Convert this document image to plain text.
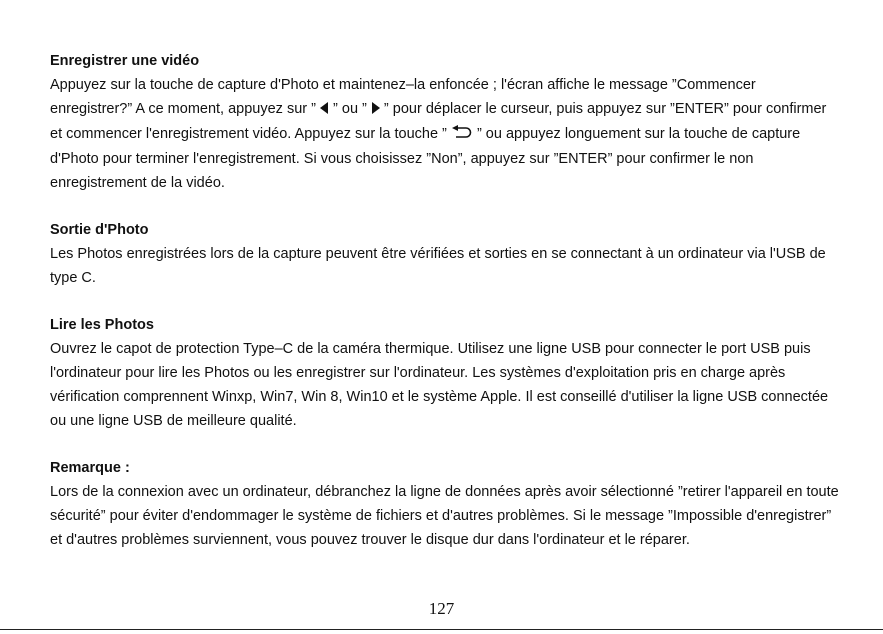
Enregistrer une vidéo

Appuyez sur la touche de capture d'Photo et maintenez–la enfoncée ; l'écran affiche le message ”Commencer enregistrer?” A ce moment, appuyez sur ”  ” ou ”  ” pour déplacer le curseur, puis appuyez sur ”ENTER” pour confirmer et commencer l'enregistrement vidéo. Appuyez sur la touche ”  ” ou appuyez longuement sur la touche de capture d'Photo pour terminer l'enregistrement. Si vous choisissez ”Non”, appuyez sur ”ENTER” pour confirmer le non enregistrement de la vidéo.

Sortie d'Photo

Les Photos enregistrées lors de la capture peuvent être vérifiées et sorties en se connectant à un ordinateur via l'USB de type C.

Lire les Photos

Ouvrez le capot de protection Type–C de la caméra thermique. Utilisez une ligne USB pour connecter le port USB puis l'ordinateur pour lire les Photos ou les enregistrer sur l'ordinateur. Les systèmes d'exploitation pris en charge après vérification comprennent Winxp, Win7, Win 8, Win10 et le système Apple. Il est conseillé d'utiliser la ligne USB connectée ou une ligne USB de meilleure qualité.

Remarque :

Lors de la connexion avec un ordinateur, débranchez la ligne de données après avoir sélectionné ”retirer l'appareil en toute sécurité” pour éviter d'endommager le système de fichiers et d'autres problèmes. Si le message ”Impossible d'enregistrer” et d'autres problèmes surviennent, vous pouvez trouver le disque dur dans l'ordinateur et le réparer.

127
